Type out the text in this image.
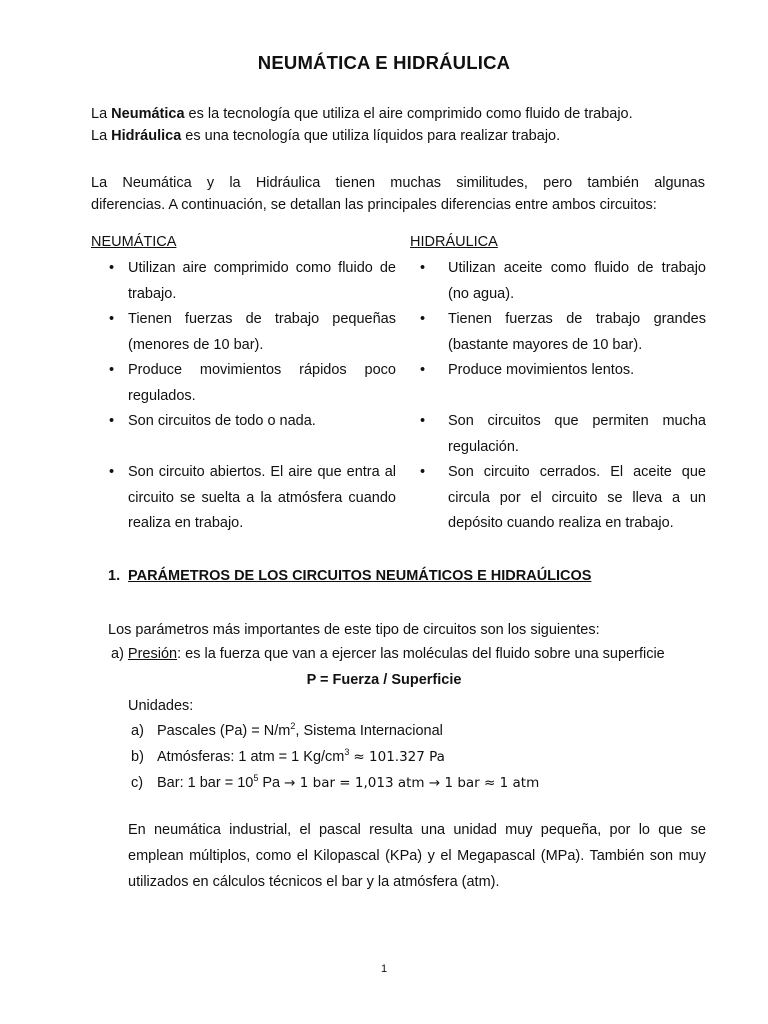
NEUMÁTICA E HIDRÁULICA

La Neumática es la tecnología que utiliza el aire comprimido como fluido de trabajo.

La Hidráulica es una tecnología que utiliza líquidos para realizar trabajo.

La Neumática y la Hidráulica tienen muchas similitudes, pero también algunas

diferencias. A continuación, se detallan las principales diferencias entre ambos circuitos:

NEUMÁTICA
• Utilizan aire comprimido como fluido de trabajo.
• Tienen fuerzas de trabajo pequeñas (menores de 10 bar).
• Produce movimientos rápidos poco regulados.
• Son circuitos de todo o nada.
• Son circuito abiertos. El aire que entra al circuito se suelta a la atmósfera cuando realiza en trabajo.
HIDRÁULICA
• Utilizan aceite como fluido de trabajo (no agua).
• Tienen fuerzas de trabajo grandes (bastante mayores de 10 bar).
• Produce movimientos lentos.
• Son circuitos que permiten mucha regulación.
• Son circuito cerrados. El aceite que circula por el circuito se lleva a un depósito cuando realiza en trabajo.
1. PARÁMETROS DE LOS CIRCUITOS NEUMÁTICOS E HIDRAÚLICOS

Los parámetros más importantes de este tipo de circuitos son los siguientes:

a) Presión: es la fuerza que van a ejercer las moléculas del fluido sobre una superficie

P = Fuerza / Superficie

Unidades:

a) Pascales $(Pa) = N/m^2$, Sistema Internacional
b) Atmósferas: 1 atm = 1 $Kg/cm^3 \approx 101.327$ Pa
c) Bar: 1 bar = $10^5$ Pa → 1 bar = 1,013 atm → 1 bar ≈ 1 atm

En neumática industrial, el pascal resulta una unidad muy pequeña, por lo que se emplean múltiplos, como el Kilopascal (KPa) y el Megapascal (MPa). También son muy utilizados en cálculos técnicos el bar y la atmósfera (atm).

1
